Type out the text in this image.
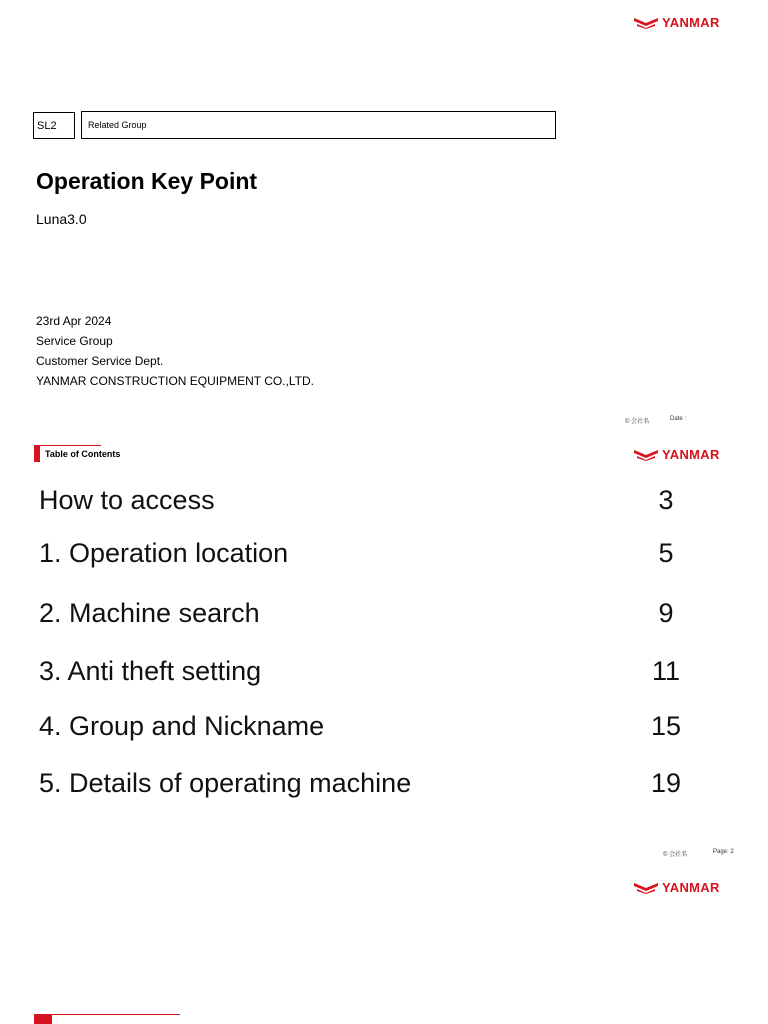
YANMAR
SL2	Related Group
Operation Key Point
Luna3.0
23rd Apr 2024
Service Group
Customer Service Dept.
YANMAR CONSTRUCTION EQUIPMENT CO.,LTD.
© 会社名	Date :
Table of Contents	YANMAR
How to access	3
1. Operation location	5
2. Machine search	9
3. Anti theft setting	11
4. Group and Nickname	15
5. Details of operating machine	19
© 会社名	Page: 2
YANMAR
